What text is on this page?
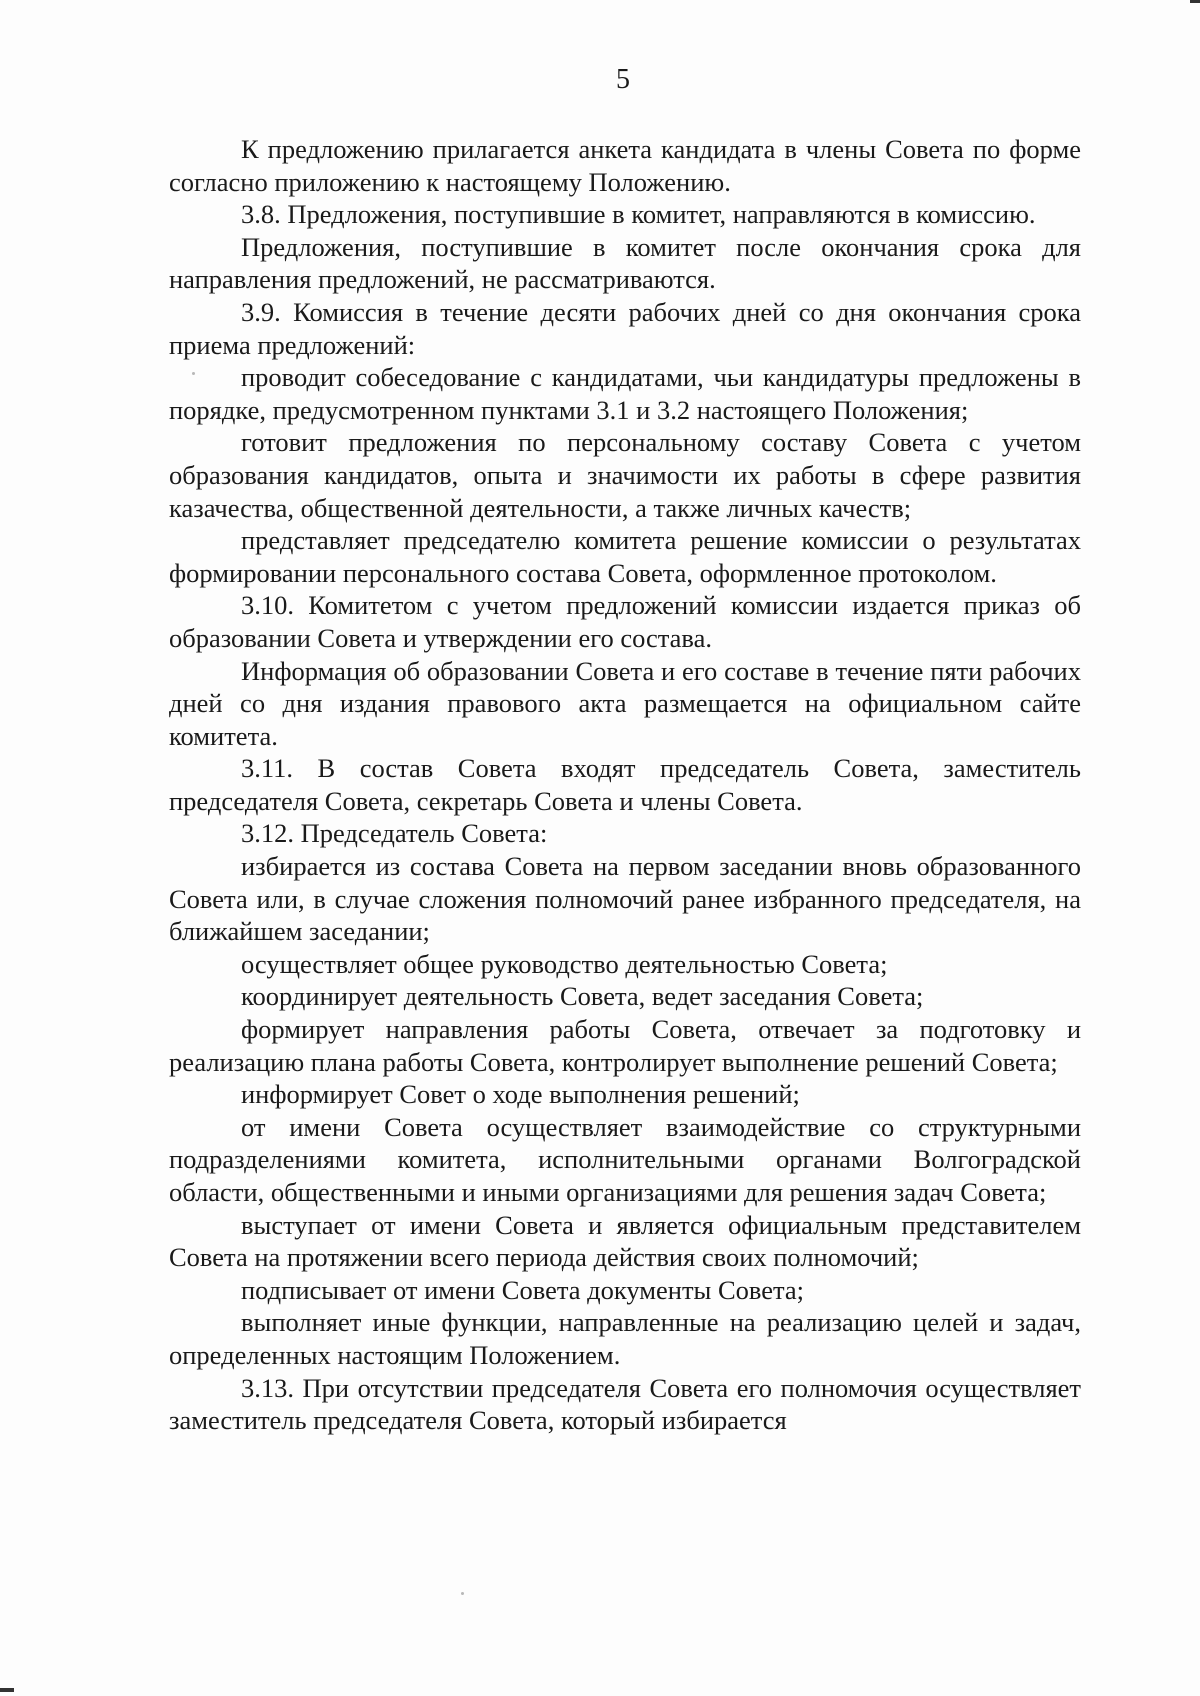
5

К предложению прилагается анкета кандидата в члены Совета по форме согласно приложению к настоящему Положению.

3.8. Предложения, поступившие в комитет, направляются в комиссию.

Предложения, поступившие в комитет после окончания срока для направления предложений, не рассматриваются.

3.9. Комиссия в течение десяти рабочих дней со дня окончания срока приема предложений:

проводит собеседование с кандидатами, чьи кандидатуры предложены в порядке, предусмотренном пунктами 3.1 и 3.2 настоящего Положения;

готовит предложения по персональному составу Совета с учетом образования кандидатов, опыта и значимости их работы в сфере развития казачества, общественной деятельности, а также личных качеств;

представляет председателю комитета решение комиссии о результатах формировании персонального состава Совета, оформленное протоколом.

3.10. Комитетом с учетом предложений комиссии издается приказ об образовании Совета и утверждении его состава.

Информация об образовании Совета и его составе в течение пяти рабочих дней со дня издания правового акта размещается на официальном сайте комитета.

3.11. В состав Совета входят председатель Совета, заместитель председателя Совета, секретарь Совета и члены Совета.

3.12. Председатель Совета:

избирается из состава Совета на первом заседании вновь образованного Совета или, в случае сложения полномочий ранее избранного председателя, на ближайшем заседании;

осуществляет общее руководство деятельностью Совета;

координирует деятельность Совета, ведет заседания Совета;

формирует направления работы Совета, отвечает за подготовку и реализацию плана работы Совета, контролирует выполнение решений Совета;

информирует Совет о ходе выполнения решений;

от имени Совета осуществляет взаимодействие со структурными подразделениями комитета, исполнительными органами Волгоградской области, общественными и иными организациями для решения задач Совета;

выступает от имени Совета и является официальным представителем Совета на протяжении всего периода действия своих полномочий;

подписывает от имени Совета документы Совета;

выполняет иные функции, направленные на реализацию целей и задач, определенных настоящим Положением.

3.13. При отсутствии председателя Совета его полномочия осуществляет заместитель председателя Совета, который избирается
